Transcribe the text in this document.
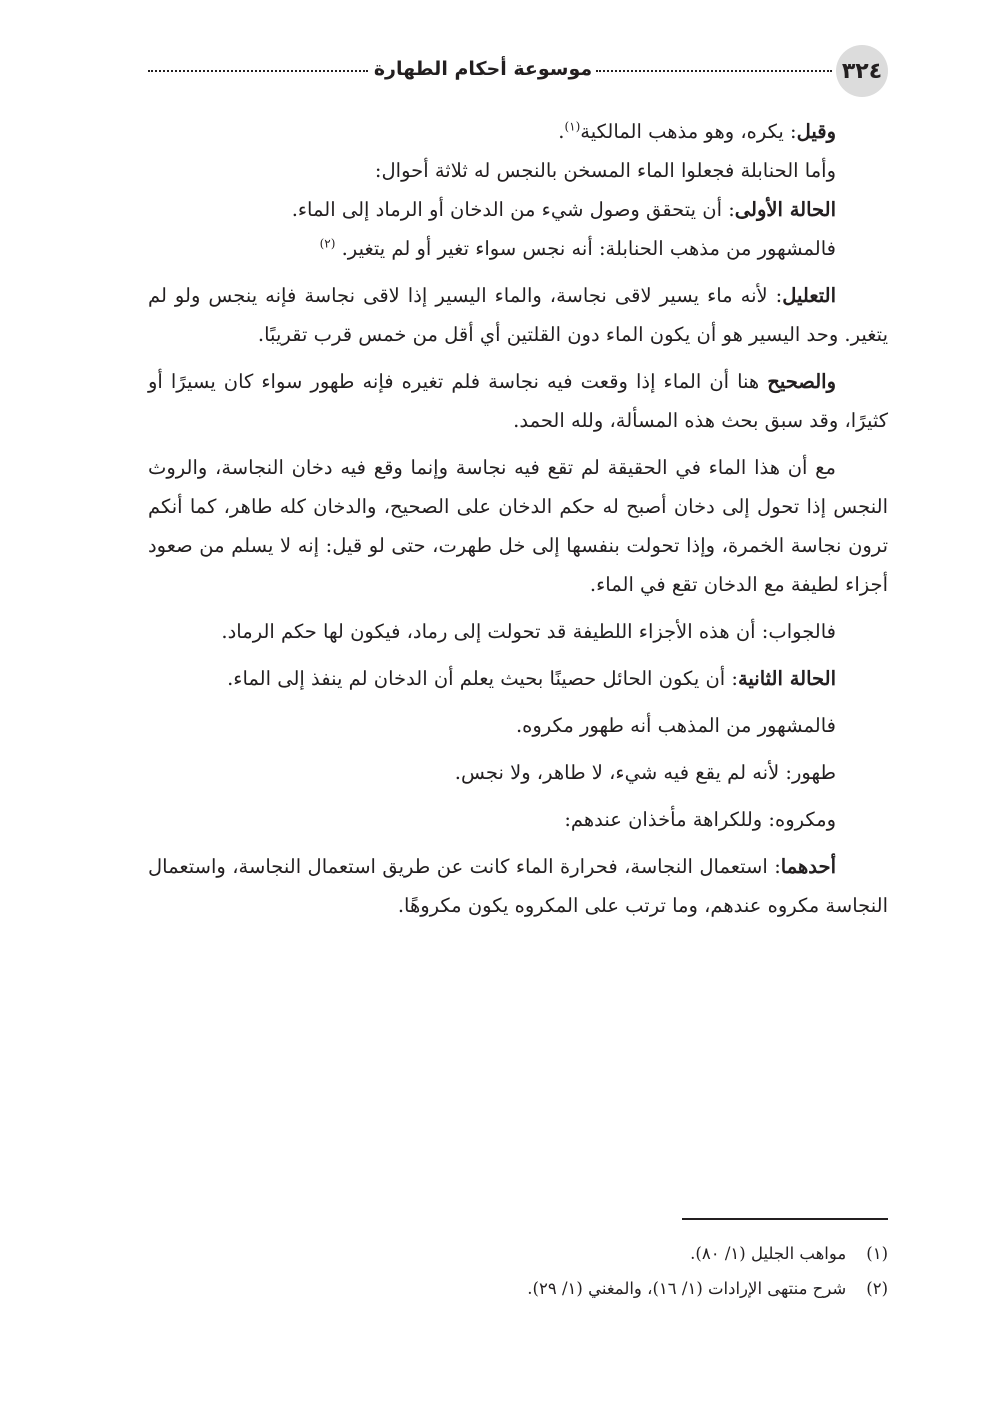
٣٢٤
موسوعة أحكام الطهارة

وقيل: يكره، وهو مذهب المالكية$^{(١)}$.

وأما الحنابلة فجعلوا الماء المسخن بالنجس له ثلاثة أحوال:

الحالة الأولى: أن يتحقق وصول شيء من الدخان أو الرماد إلى الماء.

فالمشهور من مذهب الحنابلة: أنه نجس سواء تغير أو لم يتغير. $^{(٢)}$

التعليل: لأنه ماء يسير لاقى نجاسة، والماء اليسير إذا لاقى نجاسة فإنه ينجس ولو لم يتغير. وحد اليسير هو أن يكون الماء دون القلتين أي أقل من خمس قرب تقريبًا.

والصحيح هنا أن الماء إذا وقعت فيه نجاسة فلم تغيره فإنه طهور سواء كان يسيرًا أو كثيرًا، وقد سبق بحث هذه المسألة، ولله الحمد.

مع أن هذا الماء في الحقيقة لم تقع فيه نجاسة وإنما وقع فيه دخان النجاسة، والروث النجس إذا تحول إلى دخان أصبح له حكم الدخان على الصحيح، والدخان كله طاهر، كما أنكم ترون نجاسة الخمرة، وإذا تحولت بنفسها إلى خل طهرت، حتى لو قيل: إنه لا يسلم من صعود أجزاء لطيفة مع الدخان تقع في الماء.

فالجواب: أن هذه الأجزاء اللطيفة قد تحولت إلى رماد، فيكون لها حكم الرماد.

الحالة الثانية: أن يكون الحائل حصينًا بحيث يعلم أن الدخان لم ينفذ إلى الماء.

فالمشهور من المذهب أنه طهور مكروه.

طهور: لأنه لم يقع فيه شيء، لا طاهر، ولا نجس.

ومكروه: وللكراهة مأخذان عندهم:

أحدهما: استعمال النجاسة، فحرارة الماء كانت عن طريق استعمال النجاسة، واستعمال النجاسة مكروه عندهم، وما ترتب على المكروه يكون مكروهًا.

(١)
مواهب الجليل (١/ ٨٠).
(٢)
شرح منتهى الإرادات (١/ ١٦)، والمغني (١/ ٢٩).
